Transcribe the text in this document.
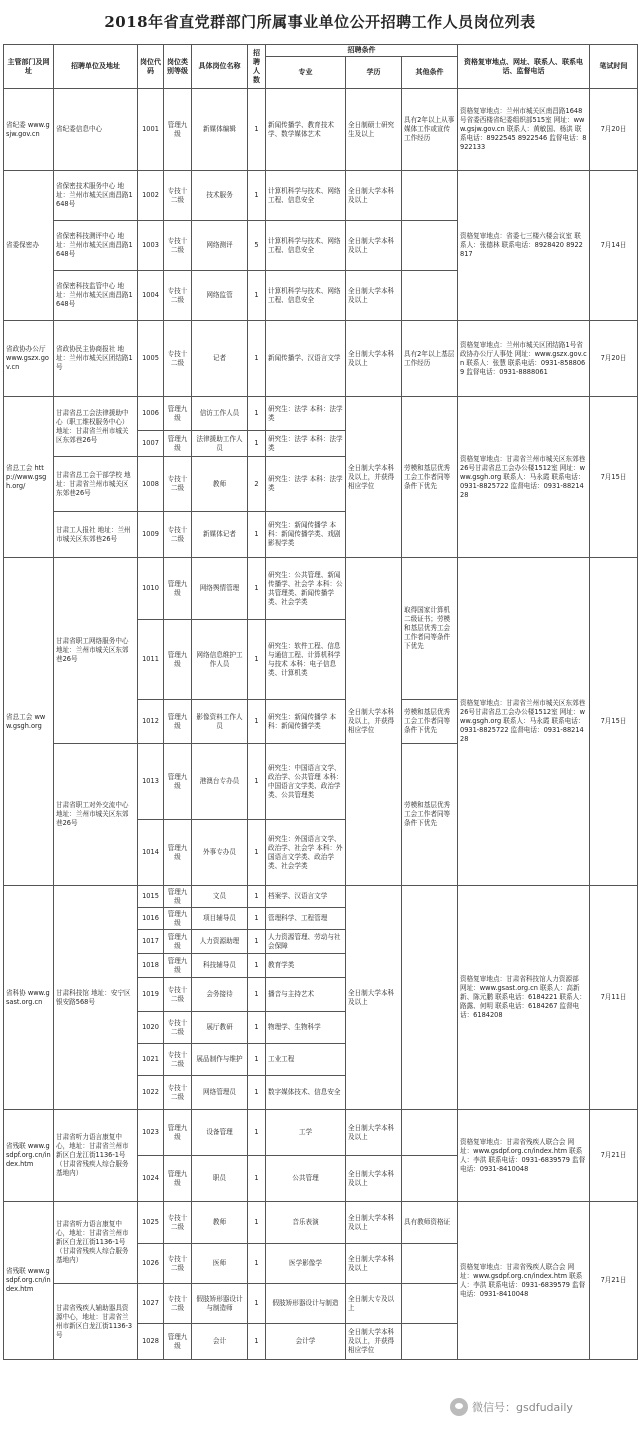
2018年省直党群部门所属事业单位公开招聘工作人员岗位列表
主管部门及网址	招聘单位及地址	岗位代码	岗位类别等级	具体岗位名称	招聘人数	招聘条件			资格复审地点、网址、联系人、联系电话、监督电话	笔试时间
						专业	学历	其他条件		
省纪委 www.gsjw.gov.cn	省纪委信息中心	1001	管理九级	新媒体编辑	1	新闻传播学、教育技术学、数学媒体艺术	全日制硕士研究生及以上	具有2年以上从事媒体工作或宣传工作经历	资格复审地点：兰州市城关区南昌路1648号省委西楼省纪委组织部515室 网址：www.gsjw.gov.cn 联系人：黄敏国、杨洪 联系电话：8922545 8922546 监督电话：8922133	7月20日
省委保密办	省保密技术服务中心 地址：兰州市城关区南昌路1648号	1002	专技十二级	技术服务	1	计算机科学与技术、网络工程、信息安全	全日制大学本科及以上		资格复审地点：省委七三楼六楼会议室 联系人：张德林 联系电话：8928420 8922817	7月14日
	省保密科技测评中心 地址：兰州市城关区南昌路1648号	1003	专技十二级	网络测评	5	计算机科学与技术、网络工程、信息安全	全日制大学本科及以上			
	省保密科技监管中心 地址：兰州市城关区南昌路1648号	1004	专技十二级	网络监管	1	计算机科学与技术、网络工程、信息安全	全日制大学本科及以上			
省政协办公厅 www.gszx.gov.cn	省政协民主协商报社 地址：兰州市城关区团结路1号	1005	专技十二级	记者	1	新闻传播学、汉语言文学	全日制大学本科及以上	具有2年以上基层工作经历	资格复审地点：兰州市城关区团结路1号省政协办公厅人事处 网址：www.gszx.gov.cn 联系人：张慧 联系电话：0931-8588069 监督电话：0931-8888061	7月20日
省总工会 http://www.gsgh.org/	甘肃省总工会法律援助中心（职工维权服务中心） 地址：甘肃省兰州市城关区东郊巷26号	1006	管理九级	信访工作人员	1	研究生：法学 本科：法学类	全日制大学本科及以上，并获得相应学位	劳模和基层优秀工会工作者同等条件下优先	资格复审地点：甘肃省兰州市城关区东郊巷26号甘肃省总工会办公楼1512室 网址：www.gsgh.org 联系人：马永霞 联系电话：0931-8825722 监督电话：0931-8821428	7月15日
		1007	管理九级	法律援助工作人员	1	研究生：法学 本科：法学类				
	甘肃省总工会干部学校 地址：甘肃省兰州市城关区东郊巷26号	1008	专技十二级	教师	2	研究生：法学 本科：法学类				
	甘肃工人报社 地址：兰州市城关区东郊巷26号	1009	专技十二级	新媒体记者	1	研究生：新闻传播学 本科：新闻传播学类、戏剧影视学类				
省总工会 www.gsgh.org	甘肃省职工网络服务中心 地址：兰州市城关区东郊巷26号	1010	管理九级	网络舆情管理	1	研究生：公共管理、新闻传播学、社会学 本科：公共管理类、新闻传播学类、社会学类	全日制大学本科及以上，并获得相应学位	取得国家计算机二级证书；劳模和基层优秀工会工作者同等条件下优先	资格复审地点：甘肃省兰州市城关区东郊巷26号甘肃省总工会办公楼1512室 网址：www.gsgh.org 联系人：马永霞 联系电话：0931-8825722 监督电话：0931-8821428	7月15日
		1011	管理九级	网络信息维护工作人员	1	研究生：软件工程、信息与通信工程、计算机科学与技术 本科：电子信息类、计算机类				
		1012	管理九级	影像资料工作人员	1	研究生：新闻传播学 本科：新闻传播学类		劳模和基层优秀工会工作者同等条件下优先		
	甘肃省职工对外交流中心 地址：兰州市城关区东郊巷26号	1013	管理九级	港澳台专办员	1	研究生：中国语言文学、政治学、公共管理 本科：中国语言文学类、政治学类、公共管理类		劳模和基层优秀工会工作者同等条件下优先		
		1014	管理九级	外事专办员	1	研究生：外国语言文学、政治学、社会学 本科：外国语言文学类、政治学类、社会学类				
省科协 www.gsast.org.cn	甘肃科技馆 地址：安宁区银安路568号	1015	管理九级	文员	1	档案学、汉语言文学	全日制大学本科及以上		资格复审地点：甘肃省科技馆人力资源部 网址：www.gsast.org.cn 联系人：高新新、陈元鹏 联系电话：6184221 联系人：路露、何明 联系电话：6184267 监督电话：6184208	7月11日
		1016	管理九级	项目辅导员	1	管理科学、工程管理				
		1017	管理九级	人力资源助理	1	人力资源管理、劳动与社会保障				
		1018	管理九级	科技辅导员	1	教育学类				
		1019	专技十二级	会务接待	1	播音与主持艺术				
		1020	专技十二级	展厅教研	1	物理学、生物科学				
		1021	专技十二级	展品制作与维护	1	工业工程				
		1022	专技十二级	网络管理员	1	数字媒体技术、信息安全				
省残联 www.gsdpf.org.cn/index.htm	甘肃省听力语言康复中心，地址：甘肃省兰州市新区白龙江街1136-1号（甘肃省残疾人综合服务基地内）	1023	管理九级	设备管理	1	工学	全日制大学本科及以上		资格复审地点：甘肃省残疾人联合会 网址：www.gsdpf.org.cn/index.htm 联系人：李洪 联系电话：0931-6839579 监督电话：0931-8410048	7月21日
		1024	管理九级	职员	1	公共管理	全日制大学本科及以上			
省残联 www.gsdpf.org.cn/index.htm	甘肃省听力语言康复中心，地址：甘肃省兰州市新区白龙江街1136-1号（甘肃省残疾人综合服务基地内）	1025	专技十二级	教师	1	音乐表演	全日制大学本科及以上	具有教师资格证	资格复审地点：甘肃省残疾人联合会 网址：www.gsdpf.org.cn/index.htm 联系人：李洪 联系电话：0931-6839579 监督电话：0931-8410048	7月21日
		1026	专技十二级	医师	1	医学影像学	全日制大学本科及以上			
	甘肃省残疾人辅助器具资源中心，地址：甘肃省兰州市新区白龙江街1136-3号	1027	专技十二级	假肢矫形器设计与制造师	1	假肢矫形器设计与制造	全日制大专及以上			
		1028	管理九级	会计	1	会计学	全日制大学本科及以上，并获得相应学位			
微信号：gsdfudaily
